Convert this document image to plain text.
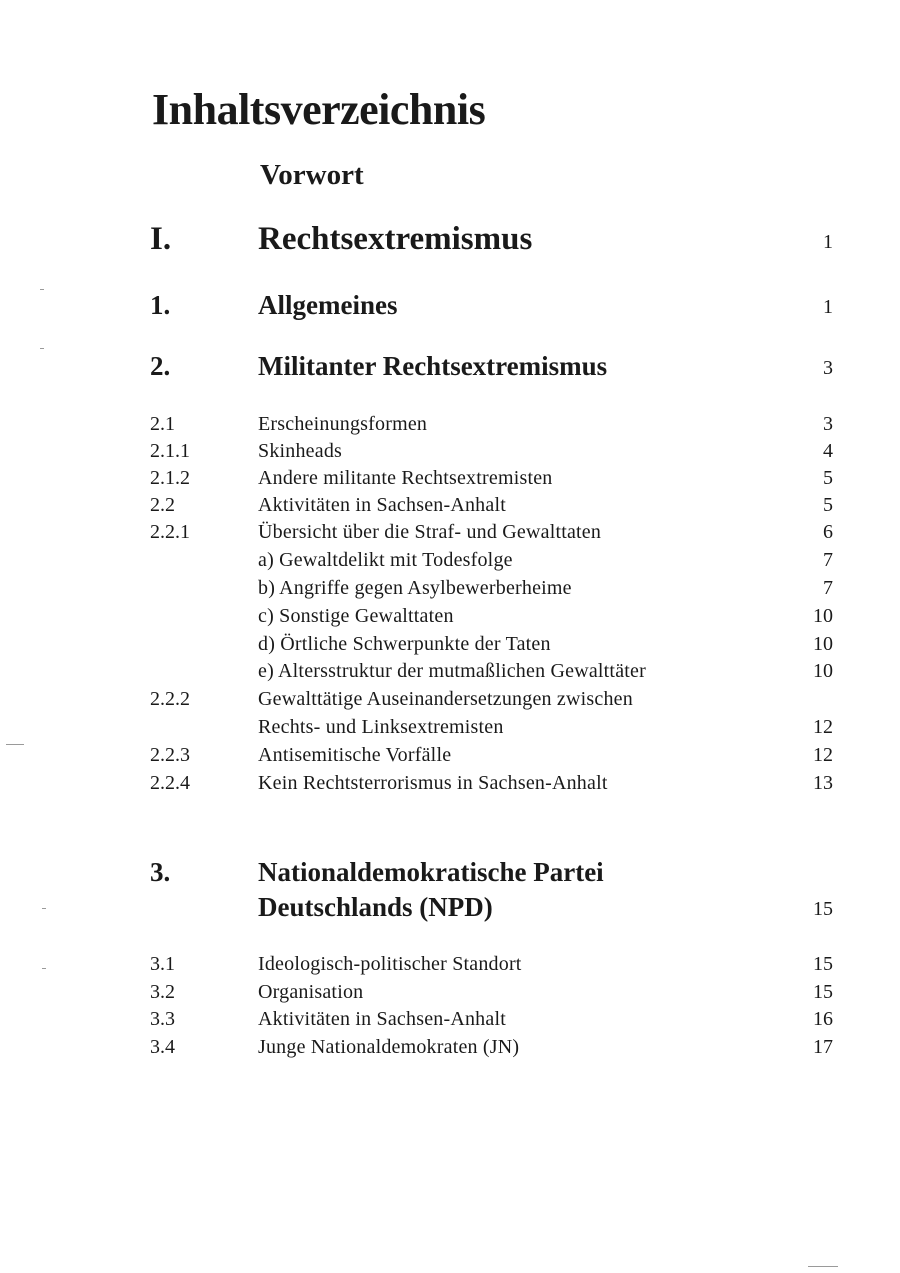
Inhaltsverzeichnis
Vorwort
I.	Rechtsextremismus	1
1.	Allgemeines	1
2.	Militanter Rechtsextremismus	3
2.1	Erscheinungsformen	3
2.1.1	Skinheads	4
2.1.2	Andere militante Rechtsextremisten	5
2.2	Aktivitäten in Sachsen-Anhalt	5
2.2.1	Übersicht über die Straf- und Gewalttaten	6
a) Gewaltdelikt mit Todesfolge	7
b) Angriffe gegen Asylbewerberheime	7
c) Sonstige Gewalttaten	10
d) Örtliche Schwerpunkte der Taten	10
e) Altersstruktur der mutmaßlichen Gewalttäter	10
2.2.2	Gewalttätige Auseinandersetzungen zwischen
Rechts- und Linksextremisten	12
2.2.3	Antisemitische Vorfälle	12
2.2.4	Kein Rechtsterrorismus in Sachsen-Anhalt	13
3.	Nationaldemokratische Partei
Deutschlands (NPD)	15
3.1	Ideologisch-politischer Standort	15
3.2	Organisation	15
3.3	Aktivitäten in Sachsen-Anhalt	16
3.4	Junge Nationaldemokraten (JN)	17
